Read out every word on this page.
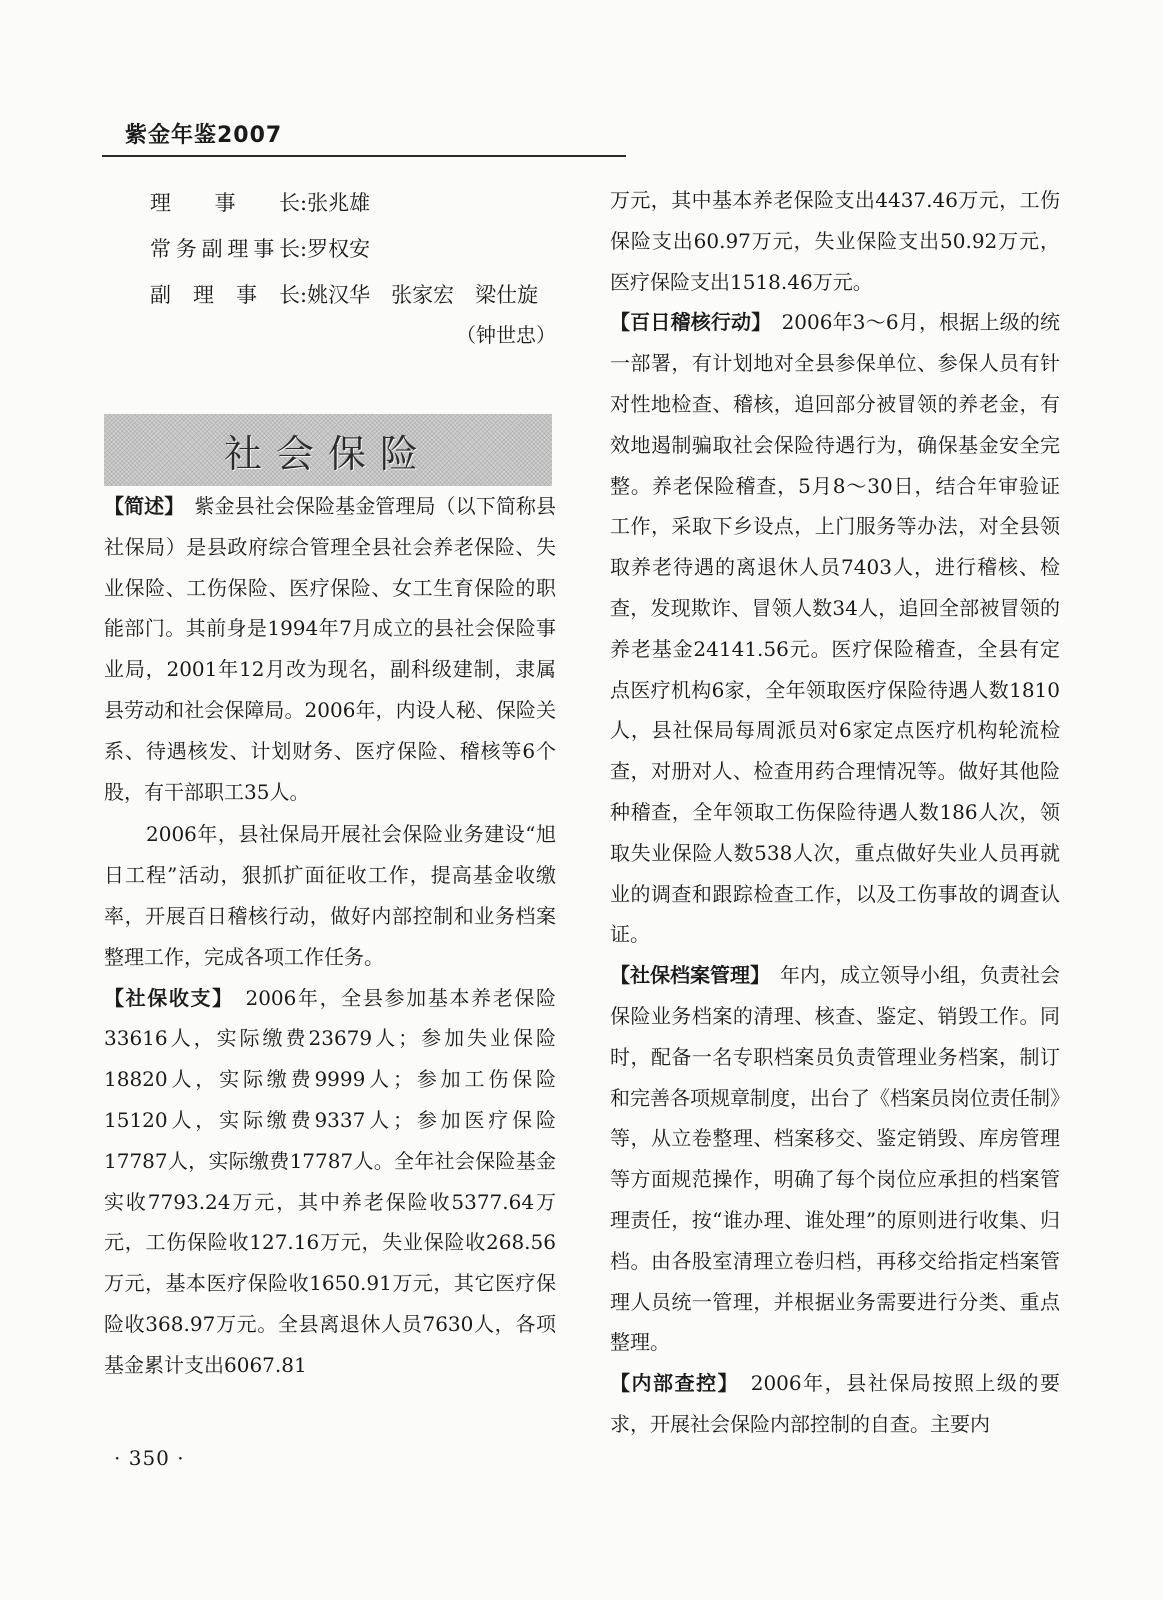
紫金年鉴2007
理事长:张兆雄
常务副理事长:罗权安
副理事长:姚汉华　张家宏　梁仕旋
（钟世忠）
社会保险

【简述】　紫金县社会保险基金管理局（以下简称县社保局）是县政府综合管理全县社会养老保险、失业保险、工伤保险、医疗保险、女工生育保险的职能部门。其前身是1994年7月成立的县社会保险事业局，2001年12月改为现名，副科级建制，隶属县劳动和社会保障局。2006年，内设人秘、保险关系、待遇核发、计划财务、医疗保险、稽核等6个股，有干部职工35人。

2006年，县社保局开展社会保险业务建设“旭日工程”活动，狠抓扩面征收工作，提高基金收缴率，开展百日稽核行动，做好内部控制和业务档案整理工作，完成各项工作任务。

【社保收支】　2006年，全县参加基本养老保险33616人，实际缴费23679人；参加失业保险18820人，实际缴费9999人；参加工伤保险15120人，实际缴费9337人；参加医疗保险17787人，实际缴费17787人。全年社会保险基金实收7793.24万元，其中养老保险收5377.64万元，工伤保险收127.16万元，失业保险收268.56万元，基本医疗保险收1650.91万元，其它医疗保险收368.97万元。全县离退休人员7630人，各项基金累计支出6067.81

万元，其中基本养老保险支出4437.46万元，工伤保险支出60.97万元，失业保险支出50.92万元，医疗保险支出1518.46万元。

【百日稽核行动】　2006年3～6月，根据上级的统一部署，有计划地对全县参保单位、参保人员有针对性地检查、稽核，追回部分被冒领的养老金，有效地遏制骗取社会保险待遇行为，确保基金安全完整。养老保险稽查，5月8～30日，结合年审验证工作，采取下乡设点，上门服务等办法，对全县领取养老待遇的离退休人员7403人，进行稽核、检查，发现欺诈、冒领人数34人，追回全部被冒领的养老基金24141.56元。医疗保险稽查，全县有定点医疗机构6家，全年领取医疗保险待遇人数1810人，县社保局每周派员对6家定点医疗机构轮流检查，对册对人、检查用药合理情况等。做好其他险种稽查，全年领取工伤保险待遇人数186人次，领取失业保险人数538人次，重点做好失业人员再就业的调查和跟踪检查工作，以及工伤事故的调查认证。

【社保档案管理】　年内，成立领导小组，负责社会保险业务档案的清理、核查、鉴定、销毁工作。同时，配备一名专职档案员负责管理业务档案，制订和完善各项规章制度，出台了《档案员岗位责任制》等，从立卷整理、档案移交、鉴定销毁、库房管理等方面规范操作，明确了每个岗位应承担的档案管理责任，按“谁办理、谁处理”的原则进行收集、归档。由各股室清理立卷归档，再移交给指定档案管理人员统一管理，并根据业务需要进行分类、重点整理。

【内部查控】　2006年，县社保局按照上级的要求，开展社会保险内部控制的自查。主要内

· 350 ·
